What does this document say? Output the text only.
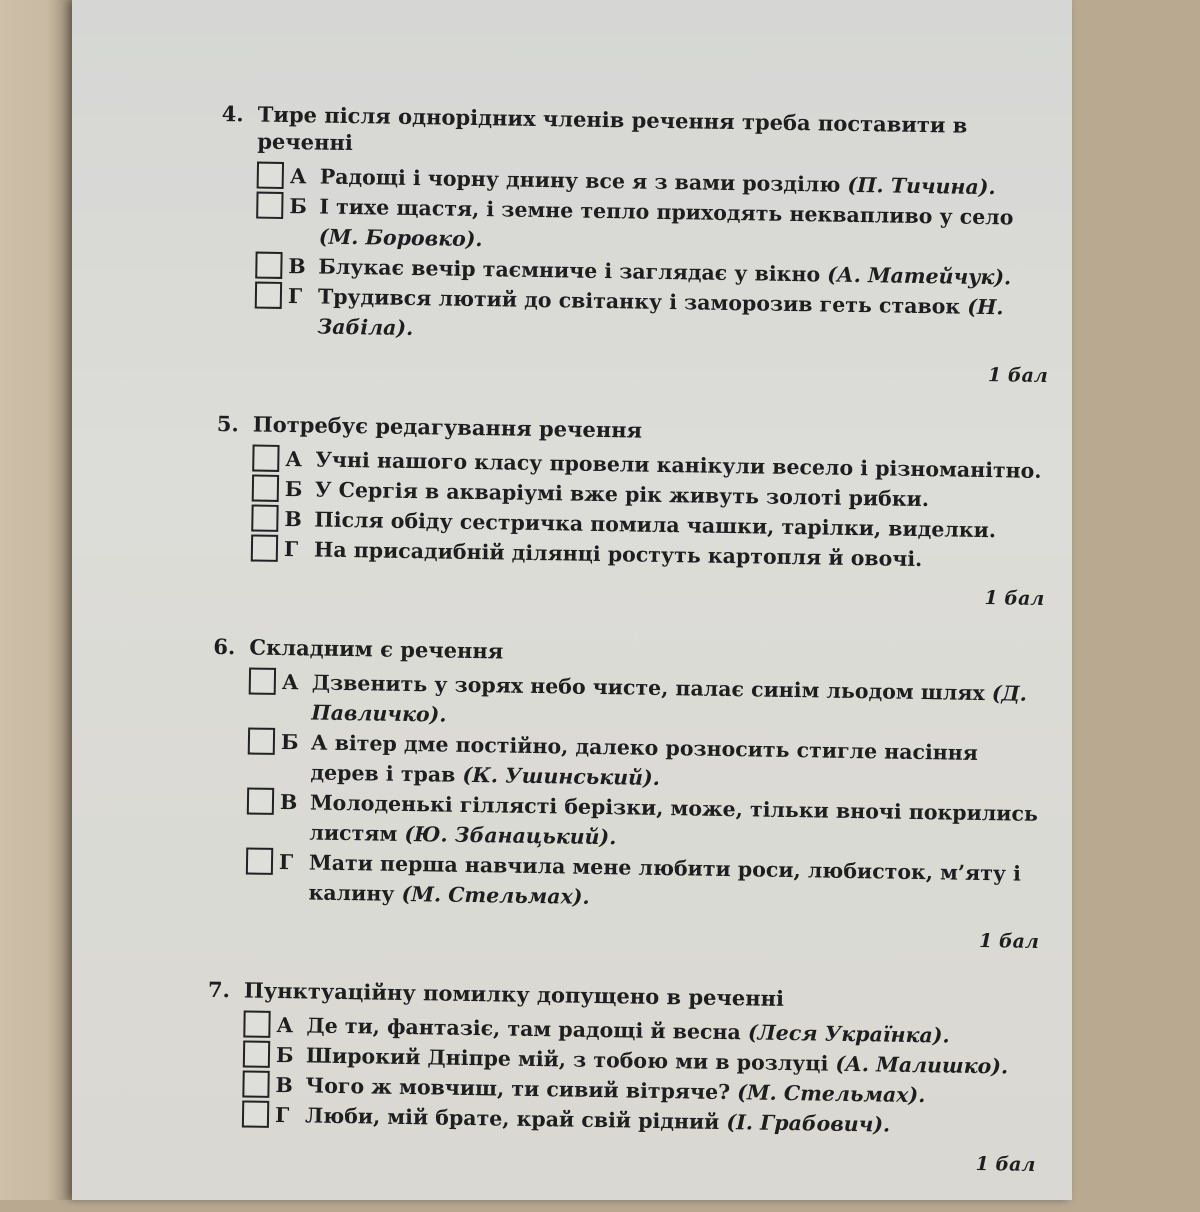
4. Тире після однорідних членів речення треба поставити в реченні
А Радощі і чорну днину все я з вами розділю (П. Тичина).
Б І тихе щастя, і земне тепло приходять неквапливо у село (М. Боровко).
В Блукає вечір таємниче і заглядає у вікно (А. Матейчук).
Г Трудився лютий до світанку і заморозив геть ставок (Н. Забіла).
1 бал
5. Потребує редагування речення
А Учні нашого класу провели канікули весело і різноманітно.
Б У Сергія в акваріумі вже рік живуть золоті рибки.
В Після обіду сестричка помила чашки, тарілки, виделки.
Г На присадибній ділянці ростуть картопля й овочі.
1 бал
6. Складним є речення
А Дзвенить у зорях небо чисте, палає синім льодом шлях (Д. Павличко).
Б А вітер дме постійно, далеко розносить стигле насіння дерев і трав (К. Ушинський).
В Молоденькі гіллясті берізки, може, тільки вночі покрились листям (Ю. Збанацький).
Г Мати перша навчила мене любити роси, любисток, м’яту і калину (М. Стельмах).
1 бал
7. Пунктуаційну помилку допущено в реченні
А Де ти, фантазіє, там радощі й весна (Леся Українка).
Б Широкий Дніпре мій, з тобою ми в розлуці (А. Малишко).
В Чого ж мовчиш, ти сивий вітряче? (М. Стельмах).
Г Люби, мій брате, край свій рідний (І. Грабович).
1 бал
